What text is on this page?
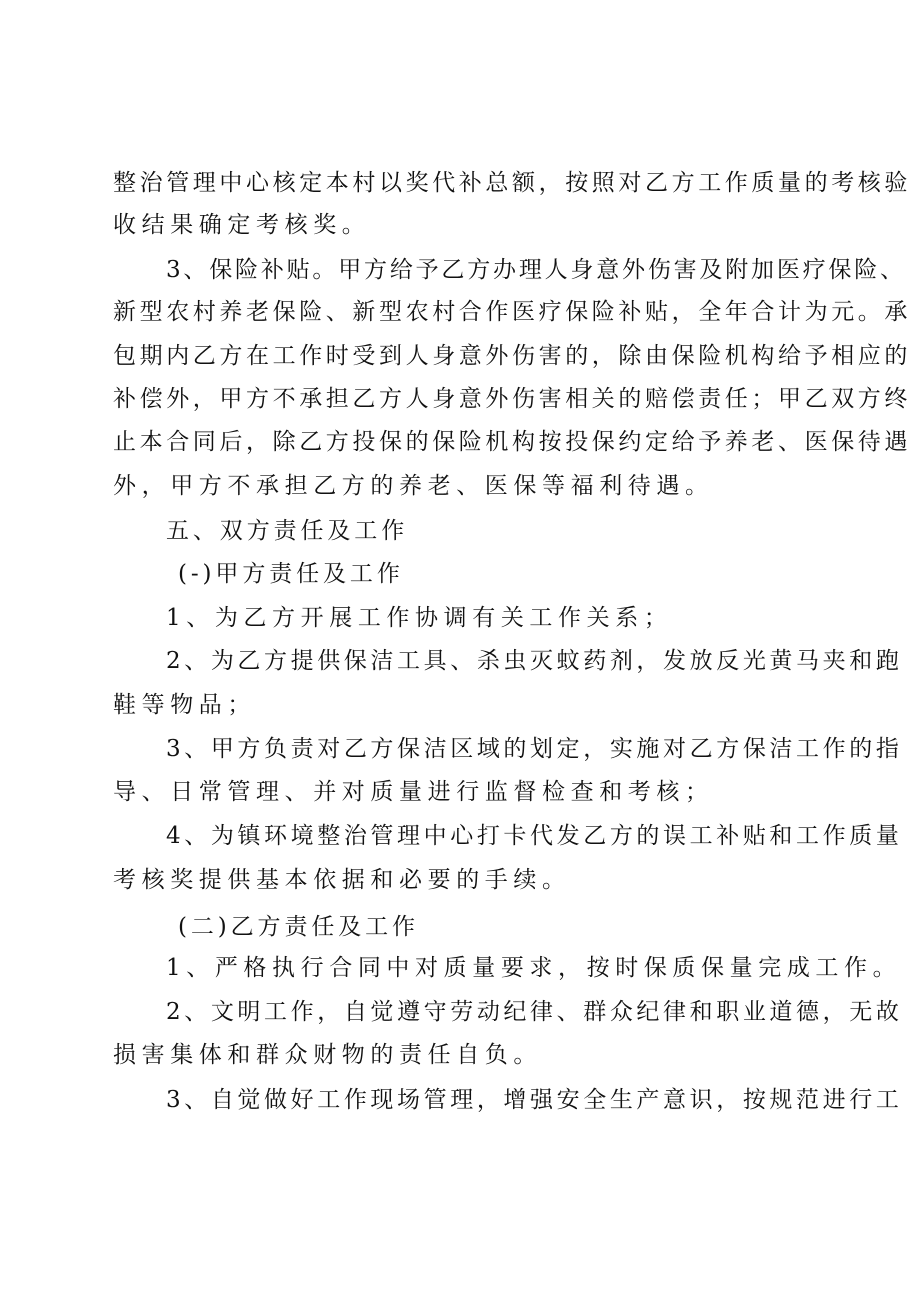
整治管理中心核定本村以奖代补总额，按照对乙方工作质量的考核验
收结果确定考核奖。
3、保险补贴。甲方给予乙方办理人身意外伤害及附加医疗保险、
新型农村养老保险、新型农村合作医疗保险补贴，全年合计为元。承
包期内乙方在工作时受到人身意外伤害的，除由保险机构给予相应的
补偿外，甲方不承担乙方人身意外伤害相关的赔偿责任；甲乙双方终
止本合同后，除乙方投保的保险机构按投保约定给予养老、医保待遇
外，甲方不承担乙方的养老、医保等福利待遇。
五、双方责任及工作
(-)甲方责任及工作
1、为乙方开展工作协调有关工作关系；
2、为乙方提供保洁工具、杀虫灭蚊药剂，发放反光黄马夹和跑
鞋等物品；
3、甲方负责对乙方保洁区域的划定，实施对乙方保洁工作的指
导、日常管理、并对质量进行监督检查和考核；
4、为镇环境整治管理中心打卡代发乙方的误工补贴和工作质量
考核奖提供基本依据和必要的手续。
(二)乙方责任及工作
1、严格执行合同中对质量要求，按时保质保量完成工作。
2、文明工作，自觉遵守劳动纪律、群众纪律和职业道德，无故
损害集体和群众财物的责任自负。
3、自觉做好工作现场管理，增强安全生产意识，按规范进行工
